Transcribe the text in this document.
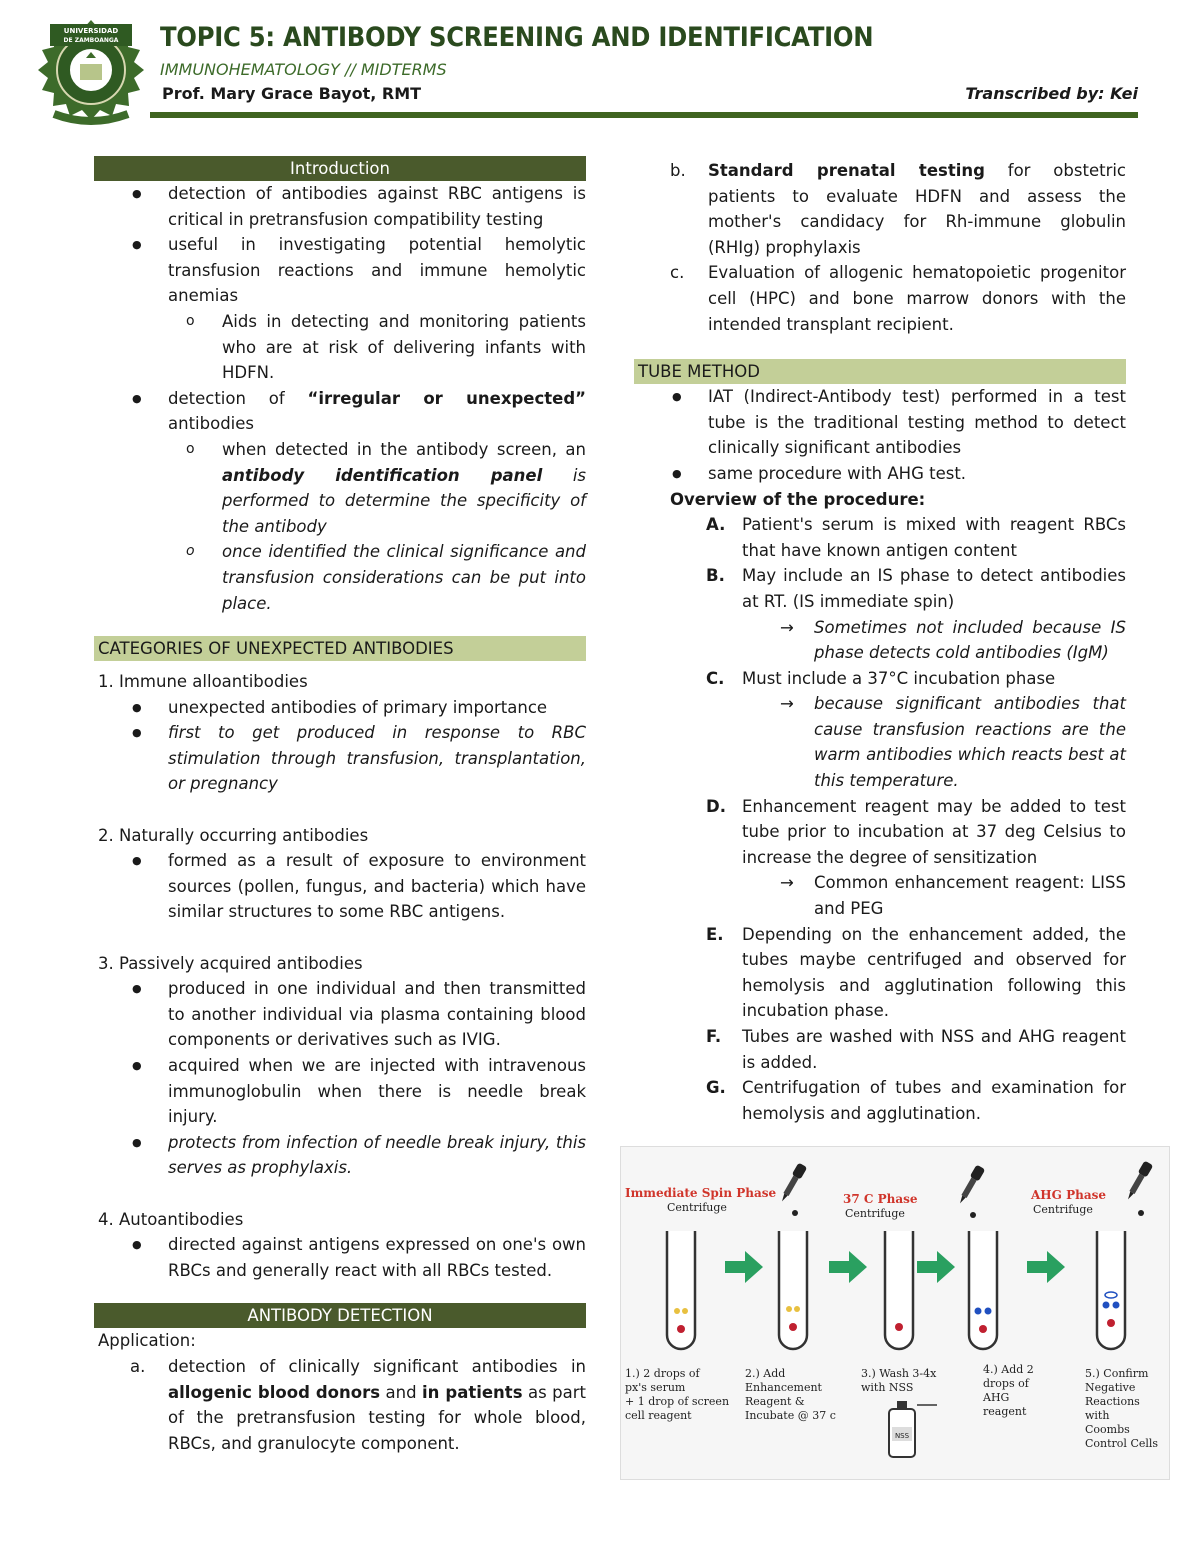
UNIVERSIDAD
DE ZAMBOANGA TOPIC 5: ANTIBODY SCREENING AND IDENTIFICATION
IMMUNOHEMATOLOGY // MIDTERMS
Prof. Mary Grace Bayot, RMT	Transcribed by: Kei
Introduction
● detection of antibodies against RBC antigens is critical in pretransfusion compatibility testing
● useful in investigating potential hemolytic transfusion reactions and immune hemolytic anemias
o Aids in detecting and monitoring patients who are at risk of delivering infants with HDFN.
● detection of “irregular or unexpected” antibodies
o when detected in the antibody screen, an antibody identification panel is performed to determine the specificity of the antibody
o once identified the clinical significance and transfusion considerations can be put into place.
CATEGORIES OF UNEXPECTED ANTIBODIES

1. Immune alloantibodies

● unexpected antibodies of primary importance
● first to get produced in response to RBC stimulation through transfusion, transplantation, or pregnancy

2. Naturally occurring antibodies

● formed as a result of exposure to environment sources (pollen, fungus, and bacteria) which have similar structures to some RBC antigens.

3. Passively acquired antibodies

● produced in one individual and then transmitted to another individual via plasma containing blood components or derivatives such as IVIG.
● acquired when we are injected with intravenous immunoglobulin when there is needle break injury.
● protects from infection of needle break injury, this serves as prophylaxis.

4. Autoantibodies

● directed against antigens expressed on one's own RBCs and generally react with all RBCs tested.
ANTIBODY DETECTION
Application:
a. detection of clinically significant antibodies in allogenic blood donors and in patients as part of the pretransfusion testing for whole blood, RBCs, and granulocyte component.
b. Standard prenatal testing for obstetric patients to evaluate HDFN and assess the mother's candidacy for Rh-immune globulin (RHIg) prophylaxis
c. Evaluation of allogenic hematopoietic progenitor cell (HPC) and bone marrow donors with the intended transplant recipient.
TUBE METHOD
● IAT (Indirect-Antibody test) performed in a test tube is the traditional testing method to detect clinically significant antibodies
● same procedure with AHG test.
Overview of the procedure:
A. Patient's serum is mixed with reagent RBCs that have known antigen content
B. May include an IS phase to detect antibodies at RT. (IS immediate spin)
→ Sometimes not included because IS phase detects cold antibodies (IgM)
C. Must include a 37°C incubation phase
→ because significant antibodies that cause transfusion reactions are the warm antibodies which reacts best at this temperature.
D. Enhancement reagent may be added to test tube prior to incubation at 37 deg Celsius to increase the degree of sensitization
→ Common enhancement reagent: LISS and PEG
E. Depending on the enhancement added, the tubes maybe centrifuged and observed for hemolysis and agglutination following this incubation phase.
F. Tubes are washed with NSS and AHG reagent is added.
G. Centrifugation of tubes and examination for hemolysis and agglutination.
Immediate Spin Phase
Centrifuge
37 C Phase
Centrifuge
AHG Phase
Centrifuge
1.) 2 drops of
px's serum
+ 1 drop of screen
cell reagent
2.) Add
Enhancement
Reagent &
Incubate @ 37 c
3.) Wash 3-4x
with NSS
NSS
4.) Add 2
drops of
AHG
reagent
5.) Confirm
Negative
Reactions
with
Coombs
Control Cells
